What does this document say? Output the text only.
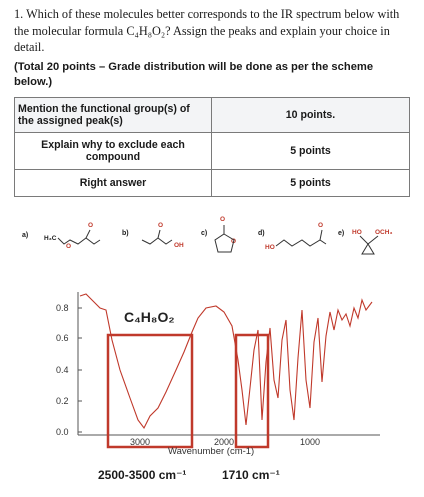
1. Which of these molecules better corresponds to the IR spectrum below with the molecular formula C₄H₈O₂? Assign the peaks and explain your choice in detail.
(Total 20 points – Grade distribution will be done as per the scheme below.)
Mention the functional group(s) of the assigned peak(s)	10 points.
Explain why to exclude each compound	5 points
Right answer	5 points
a) H₃C
O
O
b)
OH
O
c)
O
O
d)
HO
O
e) HO OCH₃
0.8
0.6
0.4
0.2
0.0
3000	2000	1000
C₄H₈O₂
Wavenumber (cm-1)
2500-3500 cm⁻¹	1710 cm⁻¹
